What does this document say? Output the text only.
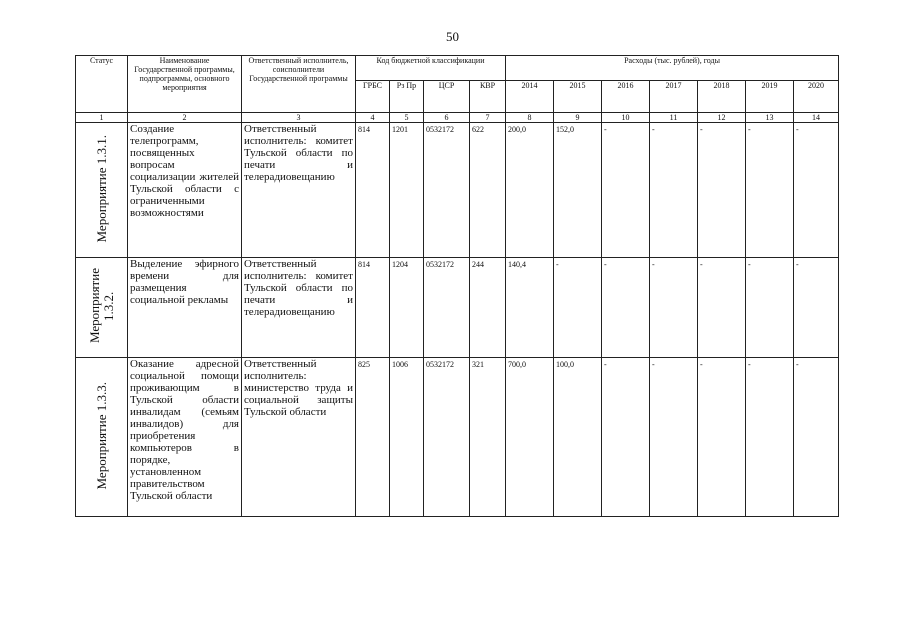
50
Статус	Наименование Государственной программы, подпрограммы, основного мероприятия	Ответственный исполнитель, соисполнители Государственной программы	Код бюджетной классификации				Расходы (тыс. рублей), годы						
			ГРБС	Рз Пр	ЦСР	КВР	2014	2015	2016	2017	2018	2019	2020
1	2	3	4	5	6	7	8	9	10	11	12	13	14
Мероприятие 1.3.1.	Создание телепрограмм, посвященных вопросам социализации жителей Тульской области с ограниченными возможностями	Ответственный исполнитель: комитет Тульской области по печати и телерадиовещанию	814	1201	0532172	622	200,0	152,0	-	-	-	-	-
Мероприятие 1.3.2.	Выделение эфирного времени для размещения социальной рекламы	Ответственный исполнитель: комитет Тульской области по печати и телерадиовещанию	814	1204	0532172	244	140,4	-	-	-	-	-	-
Мероприятие 1.3.3.	Оказание адресной социальной помощи проживающим в Тульской области инвалидам (семьям инвалидов) для приобретения компьютеров в порядке, установленном правительством Тульской области	Ответственный исполнитель: министерство труда и социальной защиты Тульской области	825	1006	0532172	321	700,0	100,0	-	-	-	-	-
